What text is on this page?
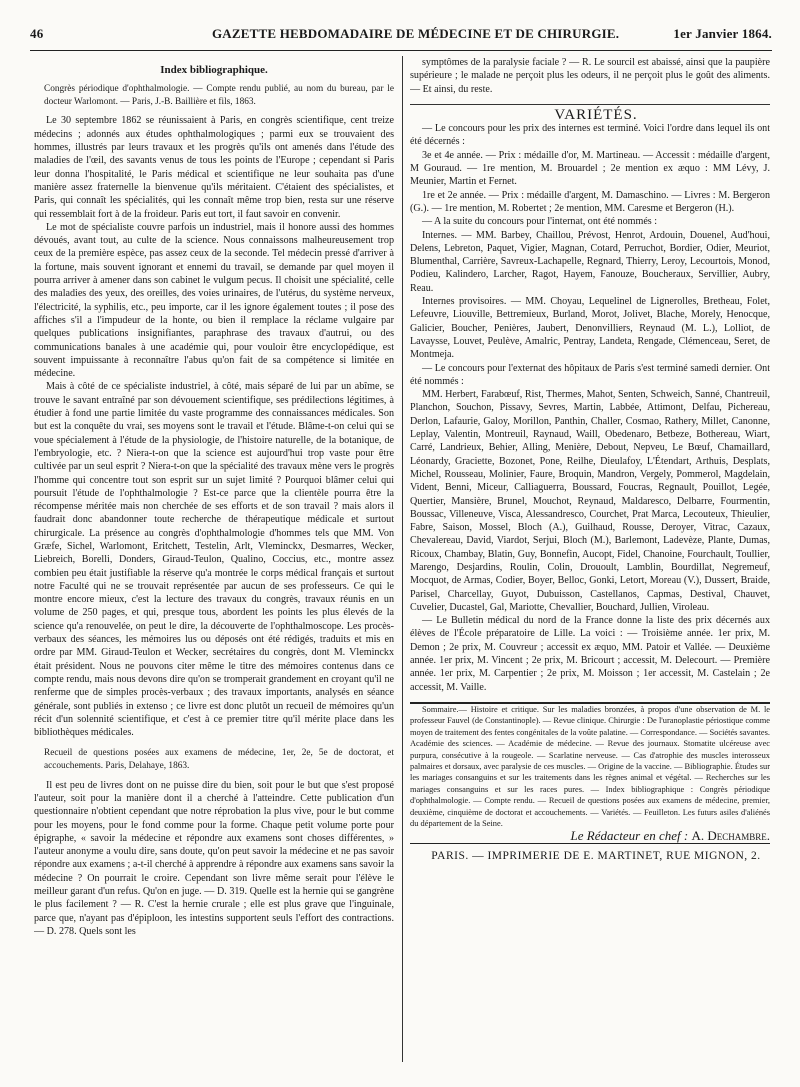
46	GAZETTE HEBDOMADAIRE DE MÉDECINE ET DE CHIRURGIE.	1er Janvier 1864.

Index bibliographique.

Congrès périodique d'ophthalmologie. — Compte rendu publié, au nom du bureau, par le docteur Warlomont. — Paris, J.-B. Baillière et fils, 1863.

Le 30 septembre 1862 se réunissaient à Paris, en congrès scientifique, cent treize médecins ; adonnés aux études ophthalmologiques ; parmi eux se trouvaient des hommes, illustrés par leurs travaux et les progrès qu'ils ont amenés dans l'étude des maladies de l'œil, des savants venus de tous les points de l'Europe ; cependant si Paris leur donna l'hospitalité, le Paris médical et scientifique ne leur souhaita pas d'une manière assez fraternelle la bienvenue qu'ils méritaient. C'étaient des spécialistes, et Paris, qui connaît les spécialités, qui les connaît même trop bien, resta sur une réserve qui ressemblait fort à de la froideur. Paris eut tort, il faut savoir en convenir.

Le mot de spécialiste couvre parfois un industriel, mais il honore aussi des hommes dévoués, avant tout, au culte de la science. Nous connaissons malheureusement trop ceux de la première espèce, pas assez ceux de la seconde. Tel médecin pressé d'arriver à la fortune, mais souvent ignorant et ennemi du travail, se demande par quel moyen il pourra arriver à amener dans son cabinet le vulgum pecus. Il choisit une spécialité, celle des maladies des yeux, des oreilles, des voies urinaires, de l'utérus, du système nerveux, l'électricité, la syphilis, etc., peu importe, car il les ignore également toutes ; il pose des affiches s'il a l'impudeur de la honte, ou bien il remplace la réclame vulgaire par quelques publications insignifiantes, paraphrase des travaux d'autrui, ou des communications banales à une académie qui, pour vouloir être encyclopédique, est souvent impuissante à reconnaître l'abus qu'on fait de sa compétence si limitée en médecine.

Mais à côté de ce spécialiste industriel, à côté, mais séparé de lui par un abîme, se trouve le savant entraîné par son dévouement scientifique, ses prédilections légitimes, à étudier à fond une partie limitée du vaste programme des connaissances médicales. Son but est la conquête du vrai, ses moyens sont le travail et l'étude. Blâme-t-on celui qui se voue spécialement à l'étude de la physiologie, de l'histoire naturelle, de la botanique, de l'embryologie, etc. ? Niera-t-on que la science est aujourd'hui trop vaste pour être cultivée par un seul esprit ? Niera-t-on que la spécialité des travaux mène vers le progrès l'homme qui concentre tout son esprit sur un sujet limité ? Pourquoi blâmer celui qui poursuit l'étude de l'ophthalmologie ? Est-ce parce que la clientèle pourra être la récompense méritée mais non cherchée de ses efforts et de son travail ? mais alors il faudrait donc abandonner toute recherche de thérapeutique médicale et surtout chirurgicale. La présence au congrès d'ophthalmologie d'hommes tels que MM. Von Græfe, Sichel, Warlomont, Eritchett, Testelin, Arlt, Vleminckx, Desmarres, Wecker, Liebreich, Borelli, Donders, Giraud-Teulon, Qualino, Coccius, etc., montre assez combien peu était justifiable la réserve qu'a montrée le corps médical français et surtout notre Faculté qui ne se trouvait représentée par aucun de ses professeurs. Ce qui le montre encore mieux, c'est la lecture des travaux du congrès, travaux réunis en un volume de 250 pages, et qui, presque tous, abordent les points les plus élevés de la science qu'a renouvelée, on peut le dire, la découverte de l'ophthalmoscope. Les procès-verbaux des séances, les mémoires lus ou déposés ont été rédigés, traduits et mis en ordre par MM. Giraud-Teulon et Wecker, secrétaires du congrès, dont M. Vleminckx était président. Nous ne pouvons citer même le titre des mémoires contenus dans ce compte rendu, mais nous devons dire qu'on se tromperait grandement en croyant qu'il ne renferme que de simples procès-verbaux ; des travaux importants, analysés en séance générale, sont publiés in extenso ; ce livre est donc plutôt un recueil de mémoires qu'un récit d'un solennité scientifique, et c'est à ce premier titre qu'il mérite place dans les bibliothèques médicales.

Recueil de questions posées aux examens de médecine, 1er, 2e, 5e de doctorat, et accouchements. Paris, Delahaye, 1863.

Il est peu de livres dont on ne puisse dire du bien, soit pour le but que s'est proposé l'auteur, soit pour la manière dont il a cherché à l'atteindre. Cette publication d'un questionnaire n'obtient cependant que notre réprobation la plus vive, pour le but comme pour les moyens, pour le fond comme pour la forme. Chaque petit volume porte pour épigraphe, « savoir la médecine et répondre aux examens sont choses différentes, » l'auteur anonyme a voulu dire, sans doute, qu'on peut savoir la médecine et ne pas savoir répondre aux examens ; a-t-il cherché à apprendre à répondre aux examens sans savoir la médecine ? On pourrait le croire. Cependant son livre même serait pour l'élève le meilleur garant d'un refus. Qu'on en juge. — D. 319. Quelle est la hernie qui se gangrène le plus facilement ? — R. C'est la hernie crurale ; elle est plus grave que l'inguinale, parce que, n'ayant pas d'épiploon, les intestins supportent seuls l'effort des contractions. — D. 278. Quels sont les

symptômes de la paralysie faciale ? — R. Le sourcil est abaissé, ainsi que la paupière supérieure ; le malade ne perçoit plus les odeurs, il ne perçoit plus le goût des aliments. — Et ainsi, du reste.

VARIÉTÉS.

— Le concours pour les prix des internes est terminé. Voici l'ordre dans lequel ils ont été décernés :

3e et 4e année. — Prix : médaille d'or, M. Martineau. — Accessit : médaille d'argent, M Gouraud. — 1re mention, M. Brouardel ; 2e mention ex æquo : MM Lévy, J. Meunier, Martin et Fernet.

1re et 2e année. — Prix : médaille d'argent, M. Damaschino. — Livres : M. Bergeron (G.). — 1re mention, M. Robertet ; 2e mention, MM. Caresme et Bergeron (H.).

— A la suite du concours pour l'internat, ont été nommés :

Internes. — MM. Barbey, Chaillou, Prévost, Henrot, Ardouin, Douenel, Aud'houi, Delens, Lebreton, Paquet, Vigier, Magnan, Cotard, Perruchot, Bordier, Odier, Meuriot, Blumenthal, Carrière, Savreux-Lachapelle, Regnard, Thierry, Leroy, Lecourtois, Monod, Podieu, Kalindero, Larcher, Ragot, Hayem, Fanouze, Boucheraux, Servillier, Aubry, Reau.

Internes provisoires. — MM. Choyau, Lequelinel de Lignerolles, Bretheau, Folet, Lefeuvre, Liouville, Bettremieux, Burland, Morot, Jolivet, Blache, Morely, Henocque, Galicier, Boucher, Penières, Jaubert, Denonvilliers, Reynaud (M. L.), Lolliot, de Lavaysse, Louvet, Peulève, Amalric, Pentray, Landeta, Rengade, Clémenceau, Seret, de Montmeja.

— Le concours pour l'externat des hôpitaux de Paris s'est terminé samedi dernier. Ont été nommés :

MM. Herbert, Farabœuf, Rist, Thermes, Mahot, Senten, Schweich, Sanné, Chantreuil, Planchon, Souchon, Pissavy, Sevres, Martin, Labbée, Attimont, Delfau, Pichereau, Derlon, Lafaurie, Galoy, Morillon, Panthin, Challer, Cosmao, Rathery, Millet, Canonne, Leplay, Valentin, Montreuil, Raynaud, Waill, Obedenaro, Betbeze, Bothereau, Wiart, Carré, Landrieux, Behier, Alling, Menière, Debout, Nepveu, Le Bœuf, Chamaillard, Léonardy, Graciette, Bozonet, Pone, Reilhe, Dieulafoy, L'Étendart, Arthuis, Desplats, Michel, Rousseau, Molinier, Faure, Broquin, Mandron, Vergely, Pommerol, Magdelain, Vident, Benni, Miceur, Calliaguerra, Boussard, Foucras, Regnault, Pouillot, Legée, Quertier, Mansière, Brunel, Mouchot, Reynaud, Maldaresco, Delbarre, Fourmentin, Boussac, Villeneuve, Visca, Alessandresco, Courchet, Prat Marca, Lecouteux, Thieulier, Fabre, Saison, Mossel, Bloch (A.), Guilhaud, Rousse, Deroyer, Vitrac, Cazaux, Chevalereau, David, Viardot, Serjui, Bloch (M.), Barlemont, Ladevèze, Plante, Dumas, Ricoux, Chambay, Blatin, Guy, Bonnefin, Aucopt, Fidel, Chanoine, Fourchault, Toullier, Marengo, Desjardins, Roulin, Colin, Drouoult, Lamblin, Bourdillat, Negremeuf, Mocquot, de Armas, Codier, Boyer, Belloc, Gonki, Letort, Moreau (V.), Dussert, Braide, Parisel, Charcellay, Guyot, Dubuisson, Castellanos, Capmas, Destival, Chauvet, Cuvelier, Ducastel, Gal, Mariotte, Chevallier, Bouchard, Jullien, Viroleau.

— Le Bulletin médical du nord de la France donne la liste des prix décernés aux élèves de l'École préparatoire de Lille. La voici : — Troisième année. 1er prix, M. Demon ; 2e prix, M. Couvreur ; accessit ex æquo, MM. Patoir et Vallée. — Deuxième année. 1er prix, M. Vincent ; 2e prix, M. Bricourt ; accessit, M. Delecourt. — Première année. 1er prix, M. Carpentier ; 2e prix, M. Moisson ; 1er accessit, M. Castelain ; 2e accessit, M. Vaille.

Sommaire.— Histoire et critique. Sur les maladies bronzées, à propos d'une observation de M. le professeur Fauvel (de Constantinople). — Revue clinique. Chirurgie : De l'uranoplastie périostique comme moyen de traitement des fentes congénitales de la voûte palatine. — Correspondance. — Sociétés savantes. Académie des sciences. — Académie de médecine. — Revue des journaux. Stomatite ulcéreuse avec purpura, consécutive à la rougeole. — Scarlatine nerveuse. — Cas d'atrophie des muscles interosseux palmaires et dorsaux, avec paralysie de ces muscles. — Origine de la vaccine. — Bibliographie. Études sur les mariages consanguins et sur les traitements dans les règnes animal et végétal. — Recherches sur les mariages consanguins et sur les races pures. — Index bibliographique : Congrès périodique d'ophthalmologie. — Compte rendu. — Recueil de questions posées aux examens de médecine, premier, deuxième, cinquième de doctorat et accouchements. — Variétés. — Feuilleton. Les futurs asiles d'aliénés du département de la Seine.

Le Rédacteur en chef : A. Dechambre.

PARIS. — IMPRIMERIE DE E. MARTINET, RUE MIGNON, 2.
